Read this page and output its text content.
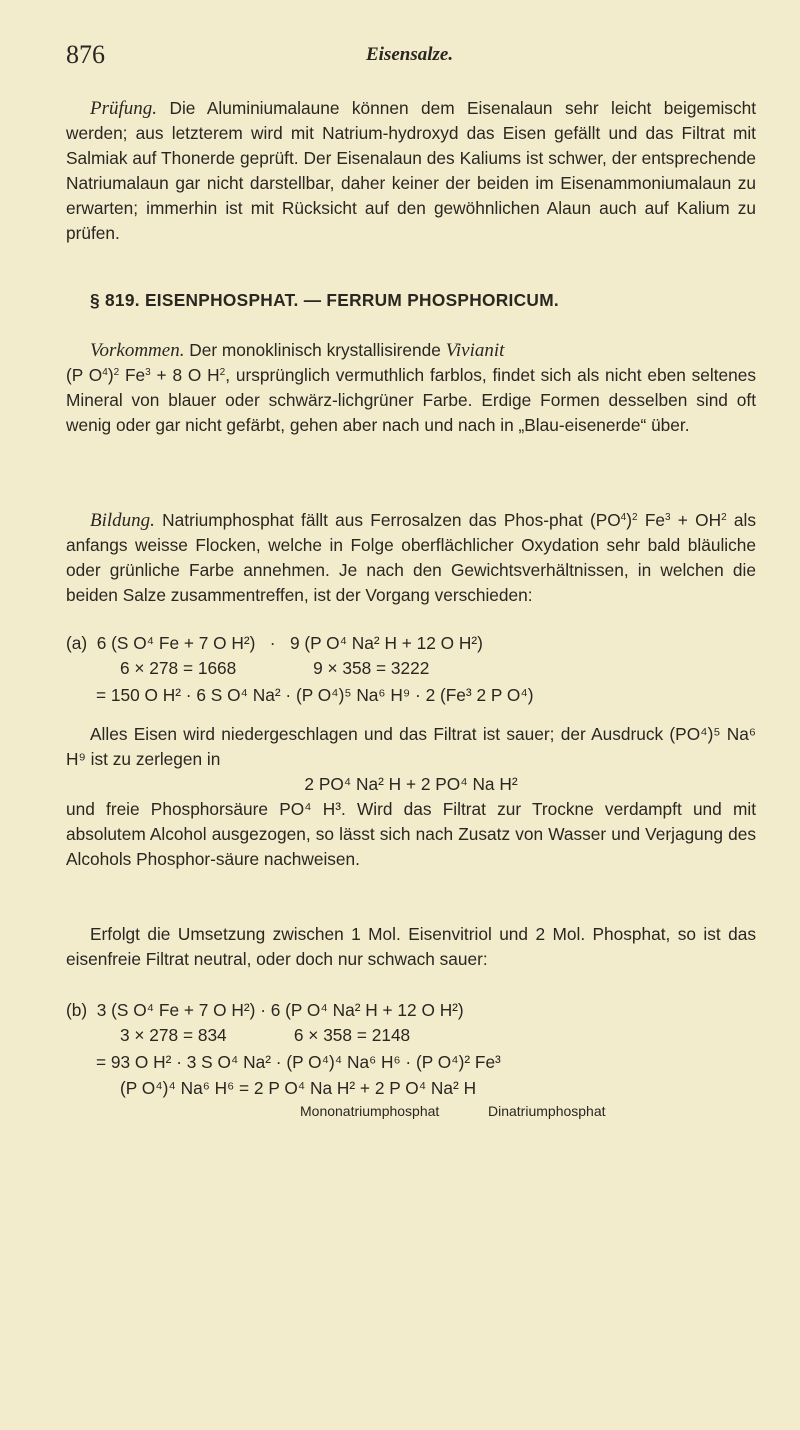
876	Eisensalze.

Prüfung. Die Aluminiumalaune können dem Eisenalaun sehr leicht beigemischt werden; aus letzterem wird mit Natrium-hydroxyd das Eisen gefällt und das Filtrat mit Salmiak auf Thonerde geprüft. Der Eisenalaun des Kaliums ist schwer, der entsprechende Natriumalaun gar nicht darstellbar, daher keiner der beiden im Eisenammoniumalaun zu erwarten; immerhin ist mit Rücksicht auf den gewöhnlichen Alaun auch auf Kalium zu prüfen.

§ 819. EISENPHOSPHAT. — FERRUM PHOSPHORICUM.

Vorkommen. Der monoklinisch krystallisirende Vivianit
(P $O^4)^2$ $Fe^3 + 8$ O $H^2$, ursprünglich vermuthlich farblos, findet sich als nicht eben seltenes Mineral von blauer oder schwärz-lichgrüner Farbe. Erdige Formen desselben sind oft wenig oder gar nicht gefärbt, gehen aber nach und nach in „Blau-eisenerde“ über.

Bildung. Natriumphosphat fällt aus Ferrosalzen das Phos-phat $(PO^4)^2$ $Fe^3 + OH^2$ als anfangs weisse Flocken, welche in Folge oberflächlicher Oxydation sehr bald bläuliche oder grünliche Farbe annehmen. Je nach den Gewichtsverhältnissen, in welchen die beiden Salze zusammentreffen, ist der Vorgang verschieden:

(a)  6 (S O⁴ Fe + 7 O H²)   ·   9 (P O⁴ Na² H + 12 O H²)
6 × 278 = 1668                9 × 358 = 3222
= 150 O H² · 6 S O⁴ Na² · (P O⁴)⁵ Na⁶ H⁹ · 2 (Fe³ 2 P O⁴)

Alles Eisen wird niedergeschlagen und das Filtrat ist sauer; der Ausdruck (PO⁴)⁵ Na⁶ H⁹ ist zu zerlegen in

2 PO⁴ Na² H + 2 PO⁴ Na H²

und freie Phosphorsäure PO⁴ H³. Wird das Filtrat zur Trockne verdampft und mit absolutem Alcohol ausgezogen, so lässt sich nach Zusatz von Wasser und Verjagung des Alcohols Phosphor-säure nachweisen.

Erfolgt die Umsetzung zwischen 1 Mol. Eisenvitriol und 2 Mol. Phosphat, so ist das eisenfreie Filtrat neutral, oder doch nur schwach sauer:

(b)  3 (S O⁴ Fe + 7 O H²) · 6 (P O⁴ Na² H + 12 O H²)
3 × 278 = 834              6 × 358 = 2148
= 93 O H² · 3 S O⁴ Na² · (P O⁴)⁴ Na⁶ H⁶ · (P O⁴)² Fe³
(P O⁴)⁴ Na⁶ H⁶ = 2 P O⁴ Na H² + 2 P O⁴ Na² H
Mononatriumphosphat	Dinatriumphosphat
